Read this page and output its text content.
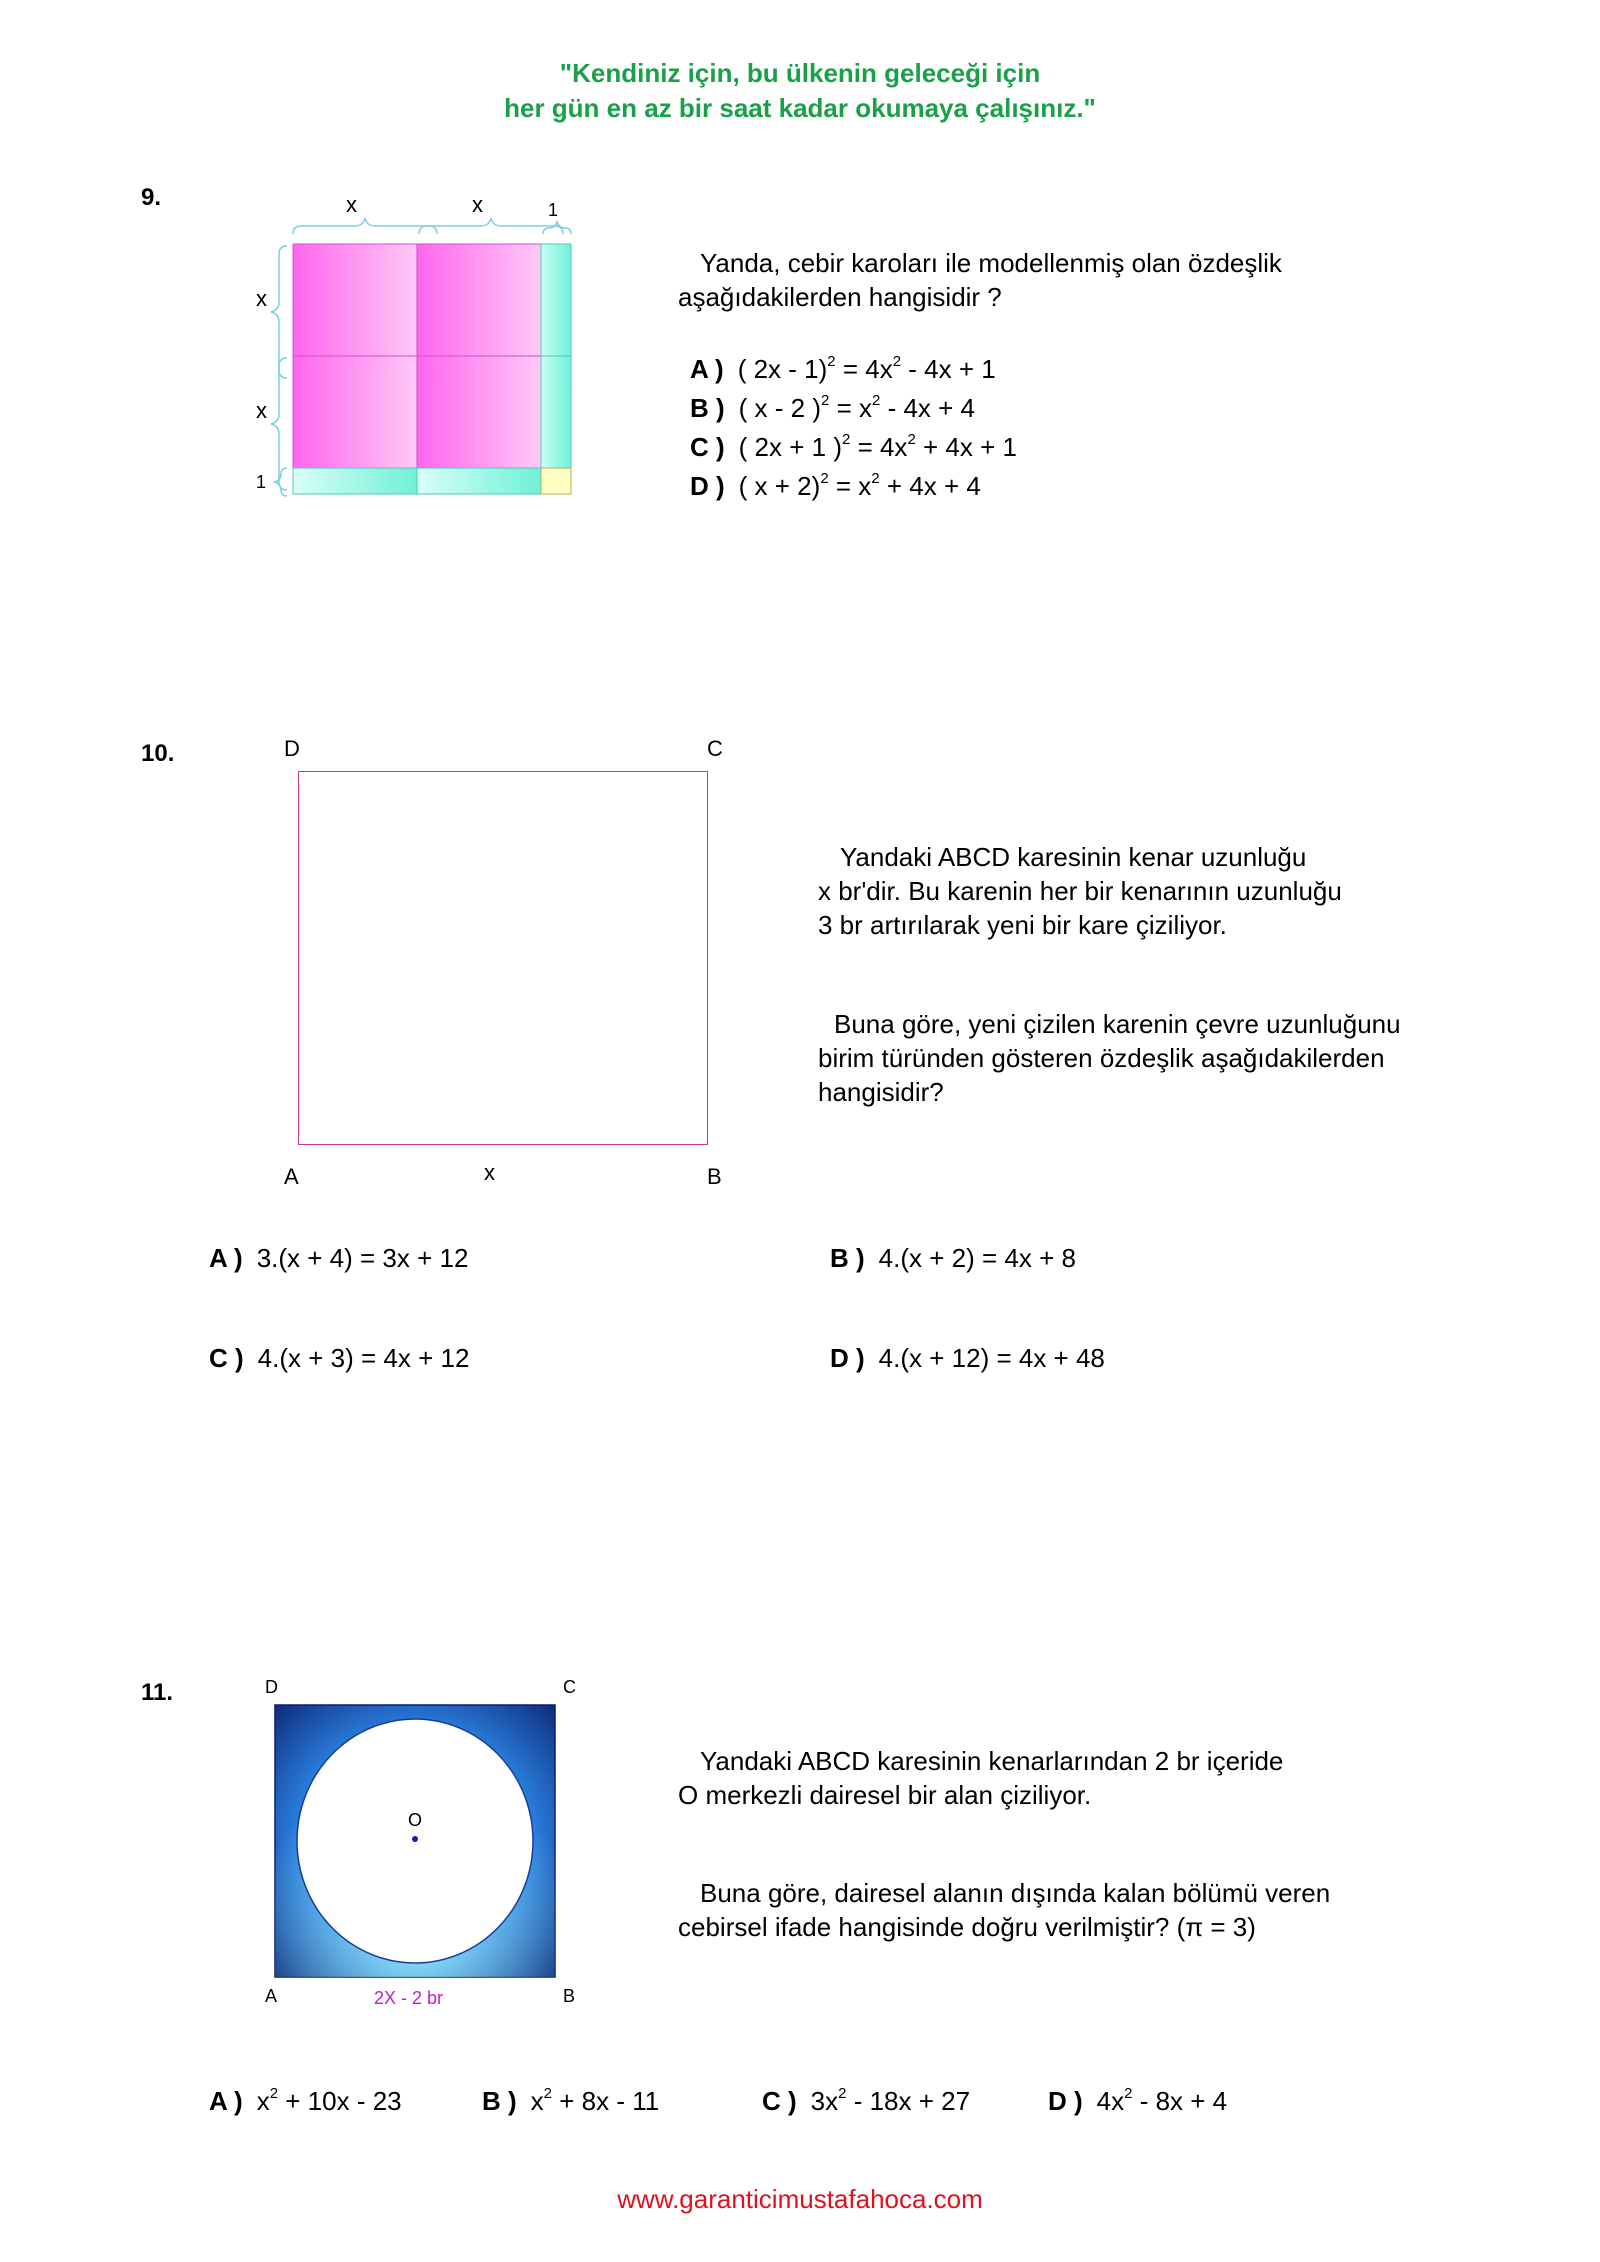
"Kendiniz için, bu ülkenin geleceği için
her gün en az bir saat kadar okumaya çalışınız."
9.	x	x	1
x
x
1
Yanda, cebir karoları ile modellenmiş olan özdeşlik
aşağıdakilerden hangisidir ?
A ) ( $2x - 1)^2 = 4x^2 - 4x + 1$
B ) ( x - 2 )$^2 = x^2 - 4x + 4$
C ) ( 2x + 1 )$^2 = 4x^2 + 4x + 1$
D ) ( $x + 2)^2 = x^2 + 4x + 4$
10.	D	C
A	B
x
Yandaki ABCD karesinin kenar uzunluğu
x br'dir. Bu karenin her bir kenarının uzunluğu
3 br artırılarak yeni bir kare çiziliyor.
Buna göre, yeni çizilen karenin çevre uzunluğunu
birim türünden gösteren özdeşlik aşağıdakilerden
hangisidir?
A ) 3.(x + 4) = 3x + 12	B ) 4.(x + 2) = 4x + 8
C ) 4.(x + 3) = 4x + 12	D ) 4.(x + 12) = 4x + 48
11.	D	C
A	B
O
2X - 2 br
Yandaki ABCD karesinin kenarlarından 2 br içeride
O merkezli dairesel bir alan çiziliyor.
Buna göre, dairesel alanın dışında kalan bölümü veren
cebirsel ifade hangisinde doğru verilmiştir? (π = 3)
A ) $x^2 + 10x - 23$	B ) $x^2 + 8x - 11$	C ) $3x^2 - 18x + 27$	D ) $4x^2 - 8x + 4$
www.garanticimustafahoca.com
